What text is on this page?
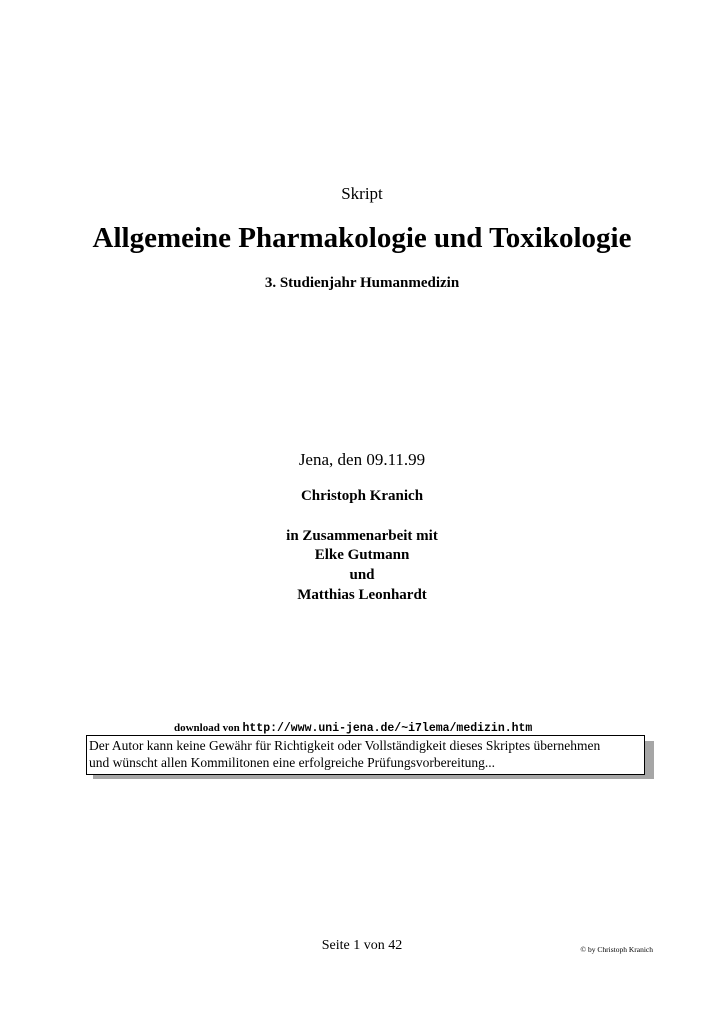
Skript
Allgemeine Pharmakologie und Toxikologie
3. Studienjahr Humanmedizin
Jena, den 09.11.99
Christoph Kranich
in Zusammenarbeit mit
Elke Gutmann
und
Matthias Leonhardt
download von http://www.uni-jena.de/~i7lema/medizin.htm
Der Autor kann keine Gewähr für Richtigkeit oder Vollständigkeit dieses Skriptes übernehmen
und wünscht allen Kommilitonen eine erfolgreiche Prüfungsvorbereitung...
Seite 1 von 42	© by Christoph Kranich
